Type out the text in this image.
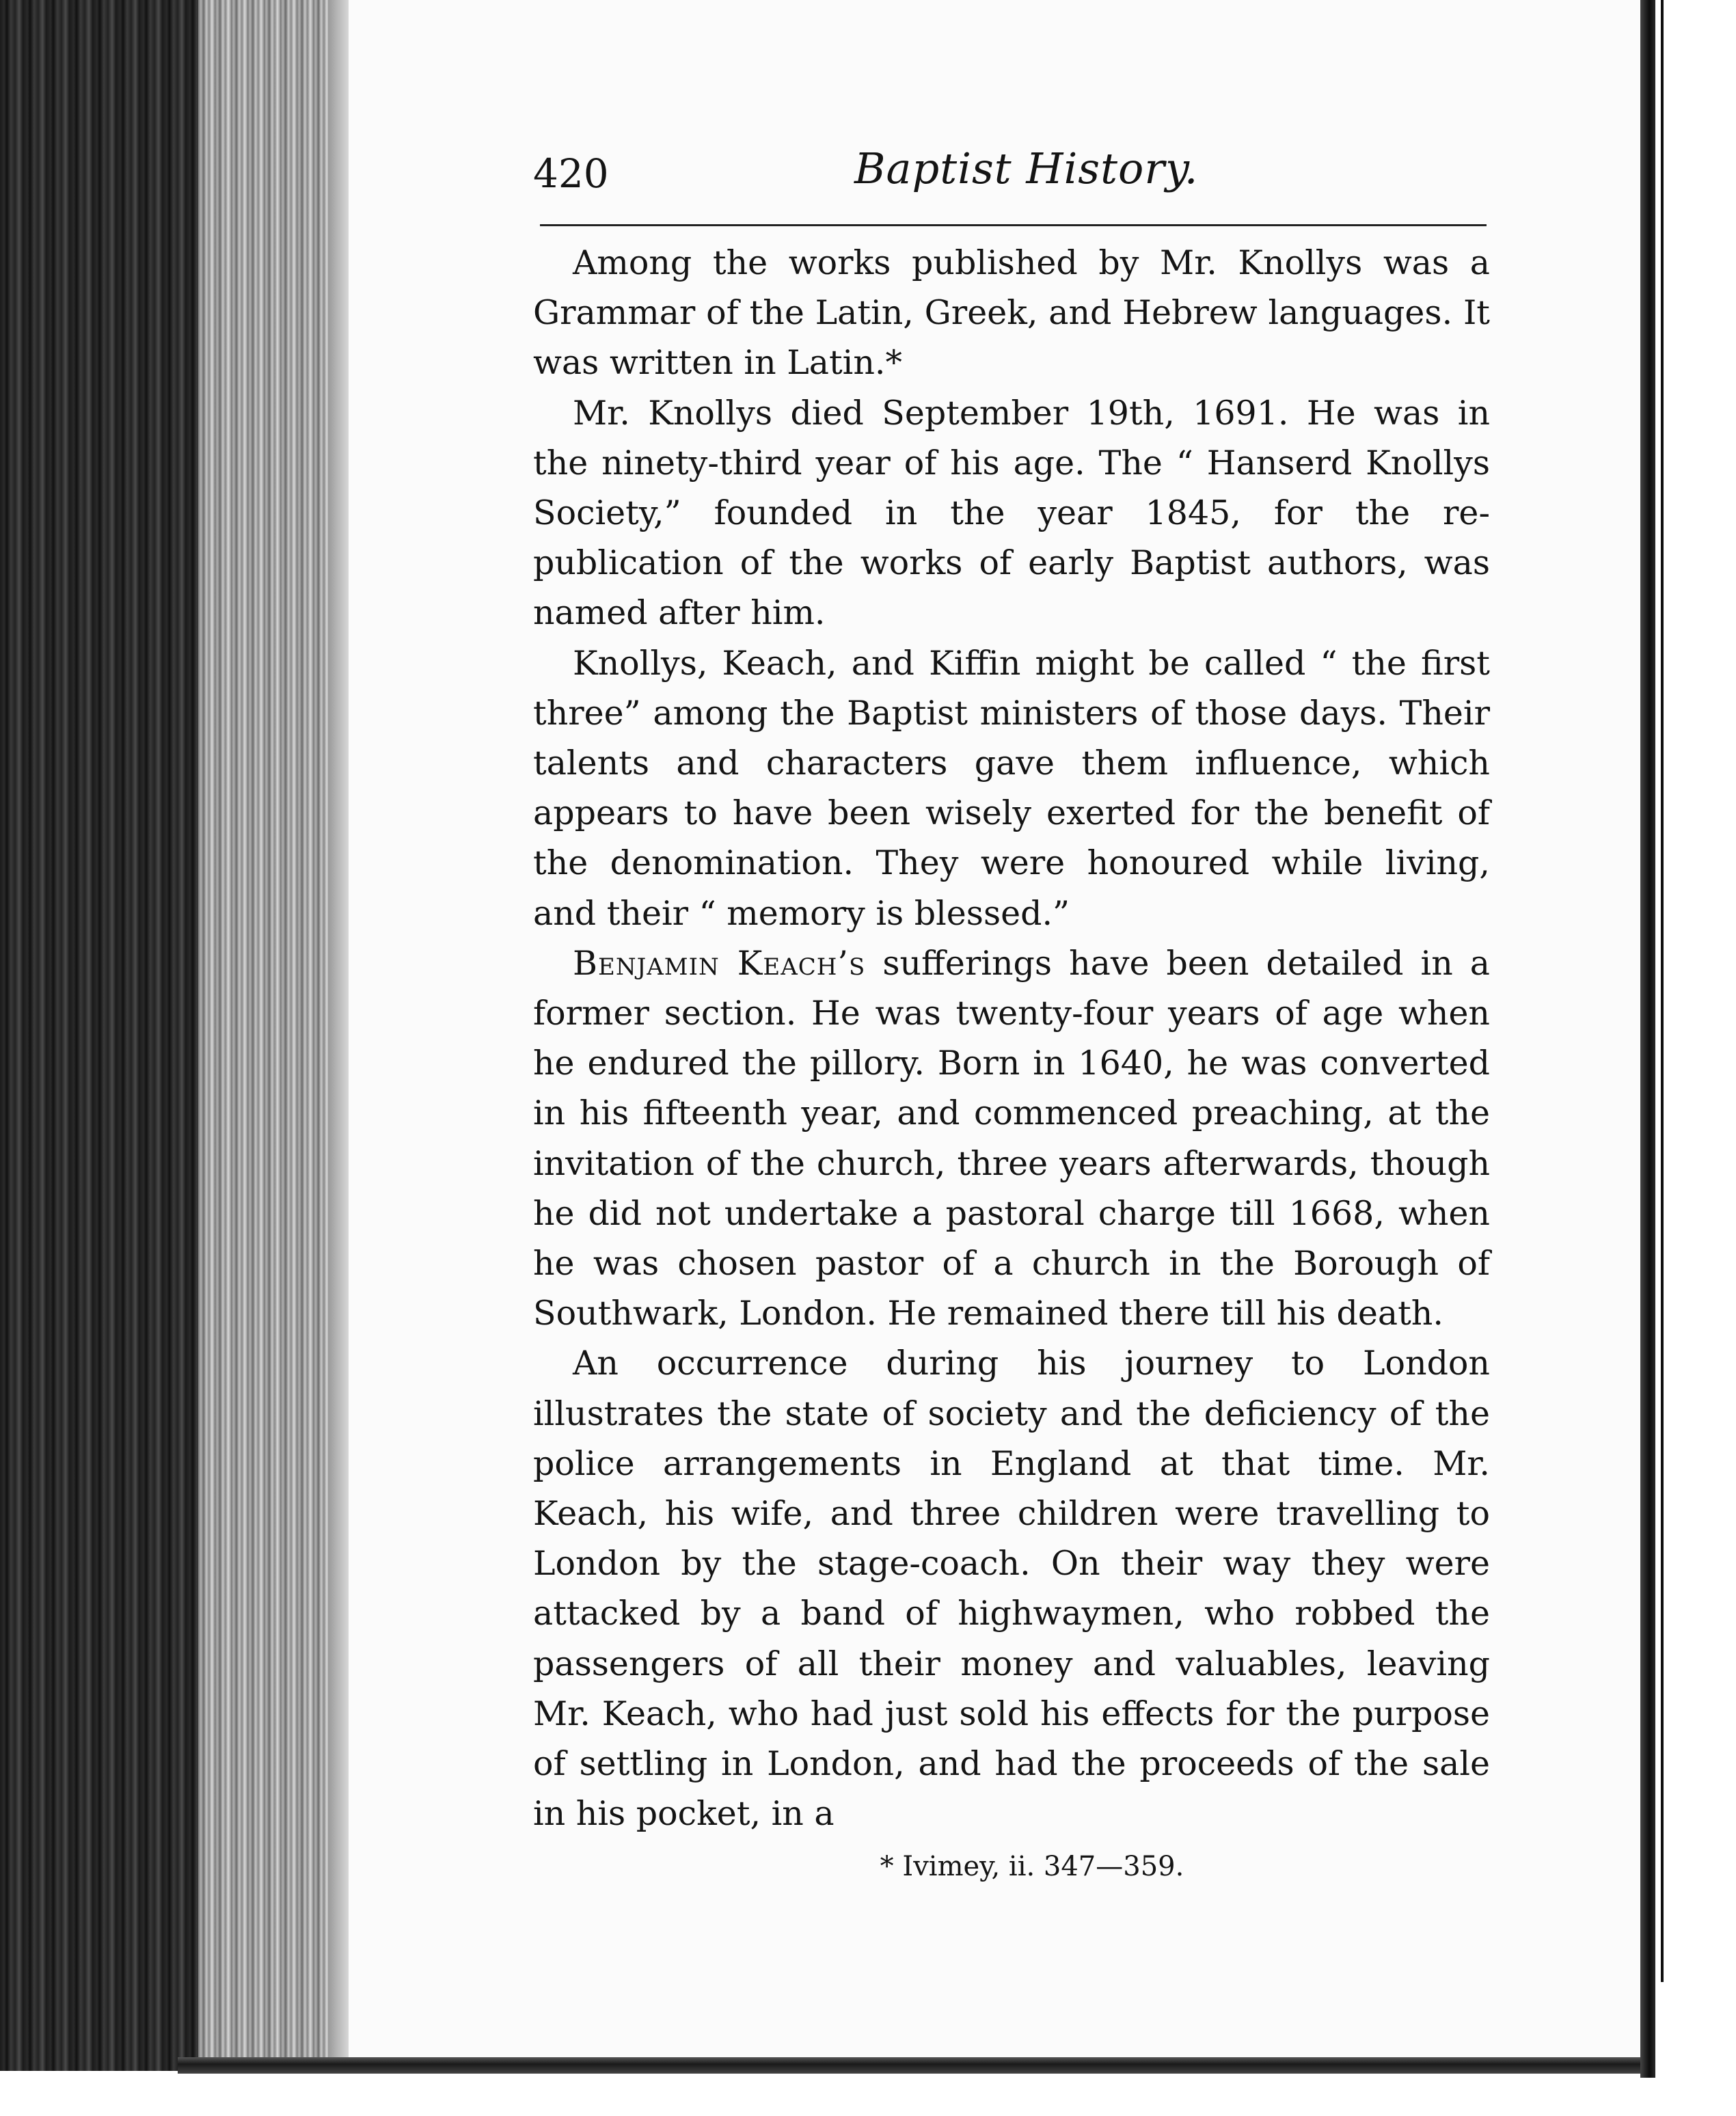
420	Baptist History.

Among the works published by Mr. Knollys was a Grammar of the Latin, Greek, and Hebrew languages. It was written in Latin.*

Mr. Knollys died September 19th, 1691. He was in the ninety-third year of his age. The “ Hanserd Knollys Society,” founded in the year 1845, for the republication of the works of early Baptist authors, was named after him.

Knollys, Keach, and Kiffin might be called “ the first three” among the Baptist ministers of those days. Their talents and characters gave them influence, which appears to have been wisely exerted for the benefit of the denomination. They were honoured while living, and their “ memory is blessed.”

Benjamin Keach’s sufferings have been detailed in a former section. He was twenty-four years of age when he endured the pillory. Born in 1640, he was converted in his fifteenth year, and commenced preaching, at the invitation of the church, three years afterwards, though he did not undertake a pastoral charge till 1668, when he was chosen pastor of a church in the Borough of Southwark, London. He remained there till his death.

An occurrence during his journey to London illustrates the state of society and the deficiency of the police arrangements in England at that time. Mr. Keach, his wife, and three children were travelling to London by the stage-coach. On their way they were attacked by a band of highwaymen, who robbed the passengers of all their money and valuables, leaving Mr. Keach, who had just sold his effects for the purpose of settling in London, and had the proceeds of the sale in his pocket, in a

* Ivimey, ii. 347—359.
